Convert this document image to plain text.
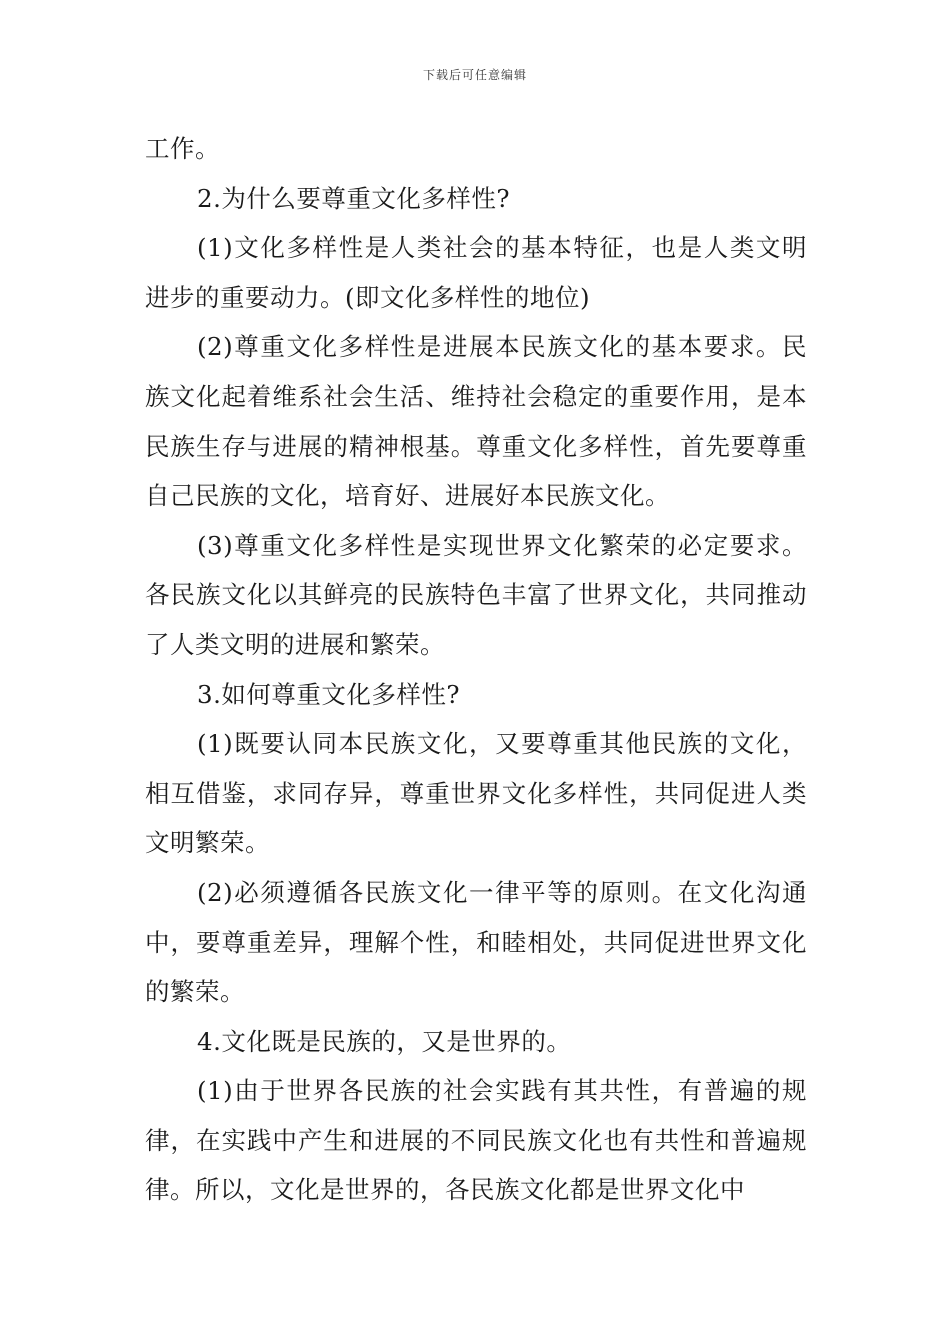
下载后可任意编辑

工作。

2.为什么要尊重文化多样性?

(1)文化多样性是人类社会的基本特征，也是人类文明进步的重要动力。(即文化多样性的地位)

(2)尊重文化多样性是进展本民族文化的基本要求。民族文化起着维系社会生活、维持社会稳定的重要作用，是本民族生存与进展的精神根基。尊重文化多样性，首先要尊重自己民族的文化，培育好、进展好本民族文化。

(3)尊重文化多样性是实现世界文化繁荣的必定要求。各民族文化以其鲜亮的民族特色丰富了世界文化，共同推动了人类文明的进展和繁荣。

3.如何尊重文化多样性?

(1)既要认同本民族文化，又要尊重其他民族的文化，相互借鉴，求同存异，尊重世界文化多样性，共同促进人类文明繁荣。

(2)必须遵循各民族文化一律平等的原则。在文化沟通中，要尊重差异，理解个性，和睦相处，共同促进世界文化的繁荣。

4.文化既是民族的，又是世界的。

(1)由于世界各民族的社会实践有其共性，有普遍的规律，在实践中产生和进展的不同民族文化也有共性和普遍规律。所以，文化是世界的，各民族文化都是世界文化中
